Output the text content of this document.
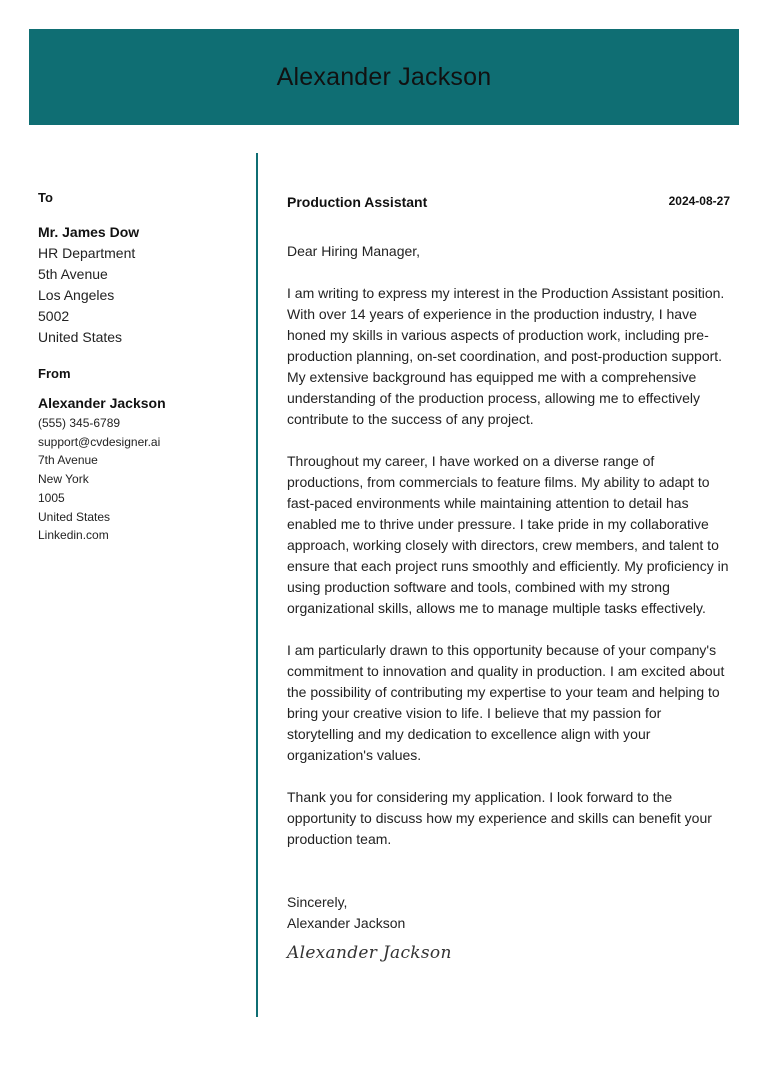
Alexander Jackson
To
Mr. James Dow
HR Department
5th Avenue
Los Angeles
5002
United States
From
Alexander Jackson
(555) 345-6789
support@cvdesigner.ai
7th Avenue
New York
1005
United States
Linkedin.com
Production Assistant	2024-08-27
Dear Hiring Manager,
I am writing to express my interest in the Production Assistant position. With over 14 years of experience in the production industry, I have honed my skills in various aspects of production work, including pre-production planning, on-set coordination, and post-production support. My extensive background has equipped me with a comprehensive understanding of the production process, allowing me to effectively contribute to the success of any project.
Throughout my career, I have worked on a diverse range of productions, from commercials to feature films. My ability to adapt to fast-paced environments while maintaining attention to detail has enabled me to thrive under pressure. I take pride in my collaborative approach, working closely with directors, crew members, and talent to ensure that each project runs smoothly and efficiently. My proficiency in using production software and tools, combined with my strong organizational skills, allows me to manage multiple tasks effectively.
I am particularly drawn to this opportunity because of your company's commitment to innovation and quality in production. I am excited about the possibility of contributing my expertise to your team and helping to bring your creative vision to life. I believe that my passion for storytelling and my dedication to excellence align with your organization's values.
Thank you for considering my application. I look forward to the opportunity to discuss how my experience and skills can benefit your production team.
Sincerely,
Alexander Jackson
Alexander Jackson
